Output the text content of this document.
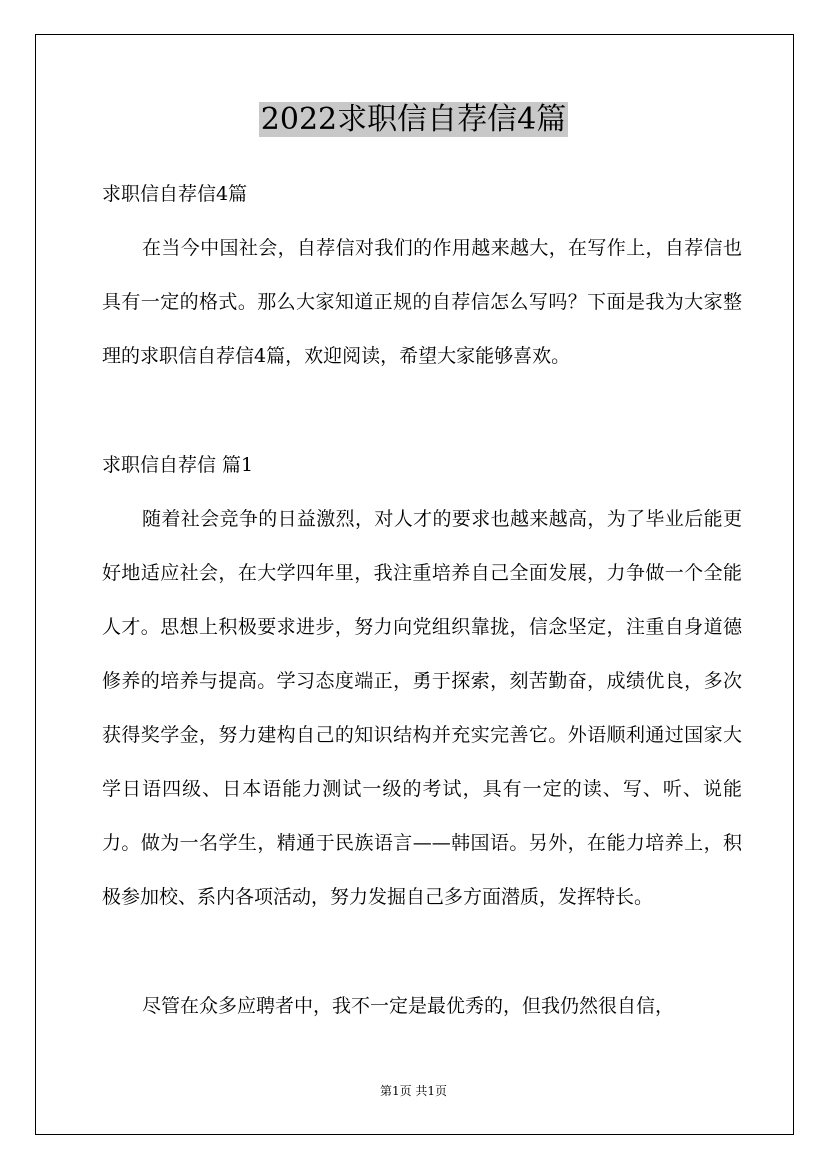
2022求职信自荐信4篇
求职信自荐信4篇
在当今中国社会，自荐信对我们的作用越来越大，在写作上，自荐信也具有一定的格式。那么大家知道正规的自荐信怎么写吗？下面是我为大家整理的求职信自荐信4篇，欢迎阅读，希望大家能够喜欢。
求职信自荐信 篇1
随着社会竞争的日益激烈，对人才的要求也越来越高，为了毕业后能更好地适应社会，在大学四年里，我注重培养自己全面发展，力争做一个全能人才。思想上积极要求进步，努力向党组织靠拢，信念坚定，注重自身道德修养的培养与提高。学习态度端正，勇于探索，刻苦勤奋，成绩优良，多次获得奖学金，努力建构自己的知识结构并充实完善它。外语顺利通过国家大学日语四级、日本语能力测试一级的考试，具有一定的读、写、听、说能力。做为一名学生，精通于民族语言——韩国语。另外，在能力培养上，积极参加校、系内各项活动，努力发掘自己多方面潜质，发挥特长。
尽管在众多应聘者中，我不一定是最优秀的，但我仍然很自信，
第1页 共1页
